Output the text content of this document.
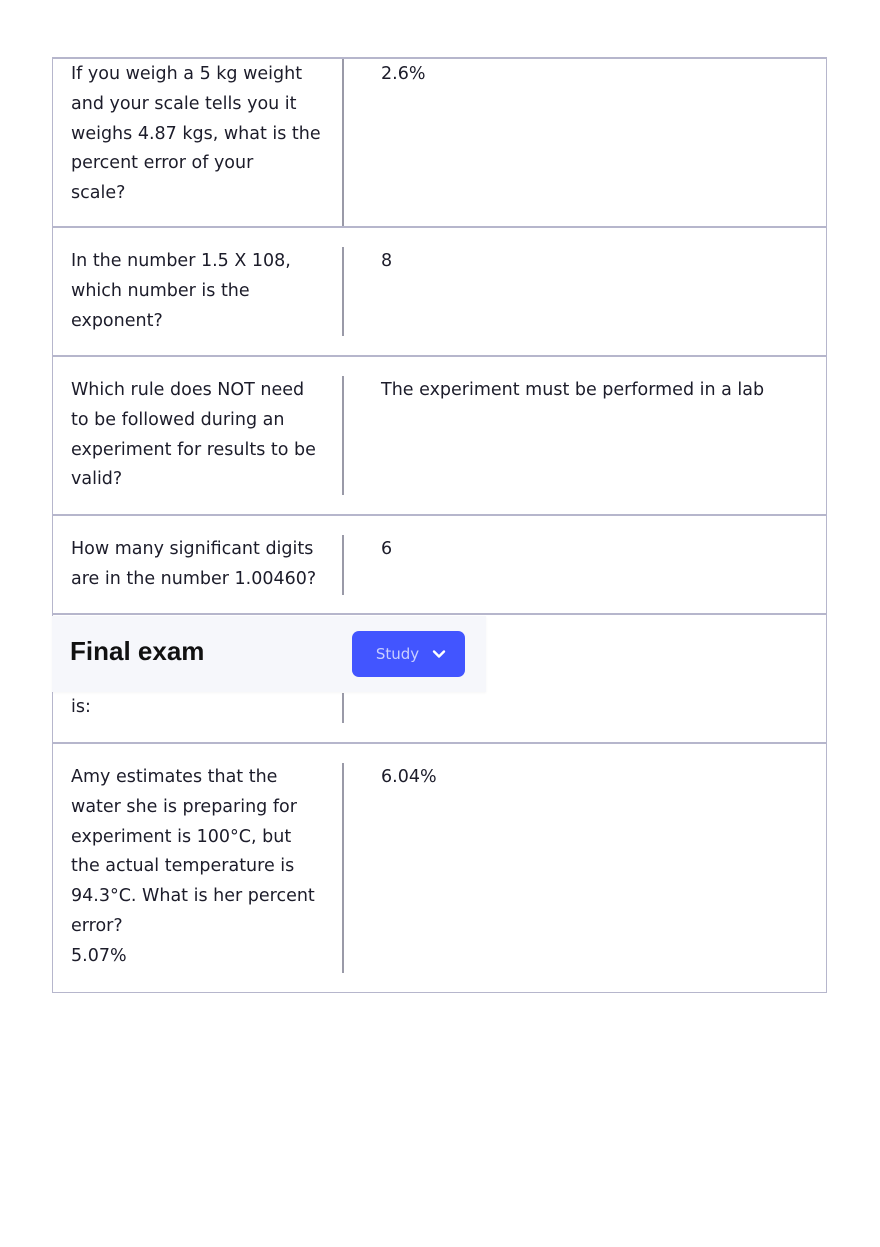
If you weigh a 5 kg weight
and your scale tells you it
weighs 4.87 kgs, what is the
percent error of your
scale?
2.6%
In the number 1.5 X 108,
which number is the
exponent?
8
Which rule does NOT need
to be followed during an
experiment for results to be
valid?
The experiment must be performed in a lab
How many significant digits
are in the number 1.00460?
6
is:
Amy estimates that the
water she is preparing for
experiment is 100°C, but
the actual temperature is
94.3°C. What is her percent
error?
5.07%
6.04%
Final exam	Study
